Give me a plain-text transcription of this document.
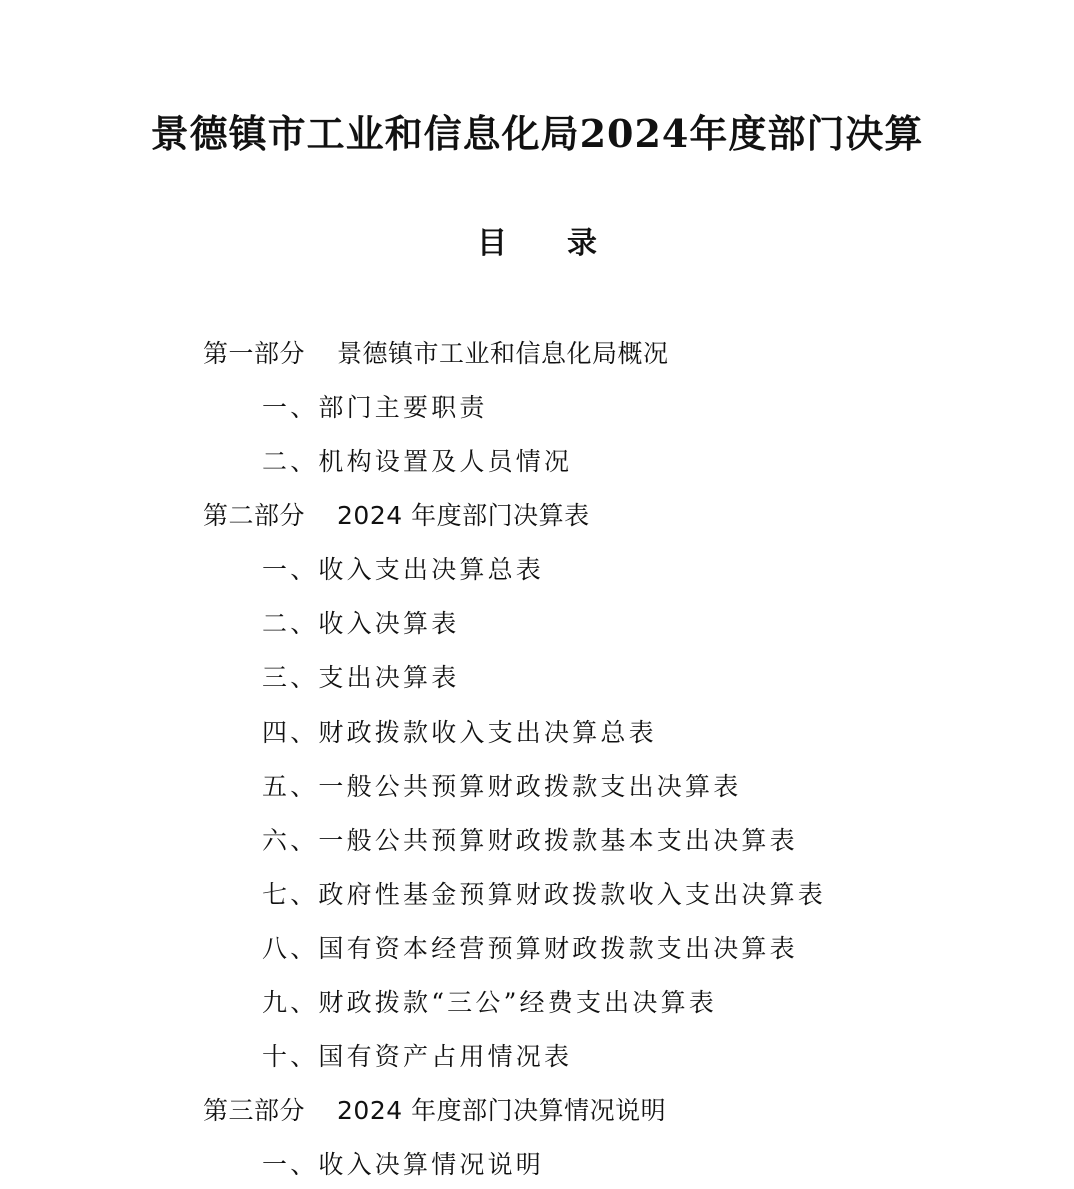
景德镇市工业和信息化局2024年度部门决算
目　　录
第一部分 景德镇市工业和信息化局概况
一、部门主要职责
二、机构设置及人员情况
第二部分 2024 年度部门决算表
一、收入支出决算总表
二、收入决算表
三、支出决算表
四、财政拨款收入支出决算总表
五、一般公共预算财政拨款支出决算表
六、一般公共预算财政拨款基本支出决算表
七、政府性基金预算财政拨款收入支出决算表
八、国有资本经营预算财政拨款支出决算表
九、财政拨款“三公”经费支出决算表
十、国有资产占用情况表
第三部分 2024 年度部门决算情况说明
一、收入决算情况说明
